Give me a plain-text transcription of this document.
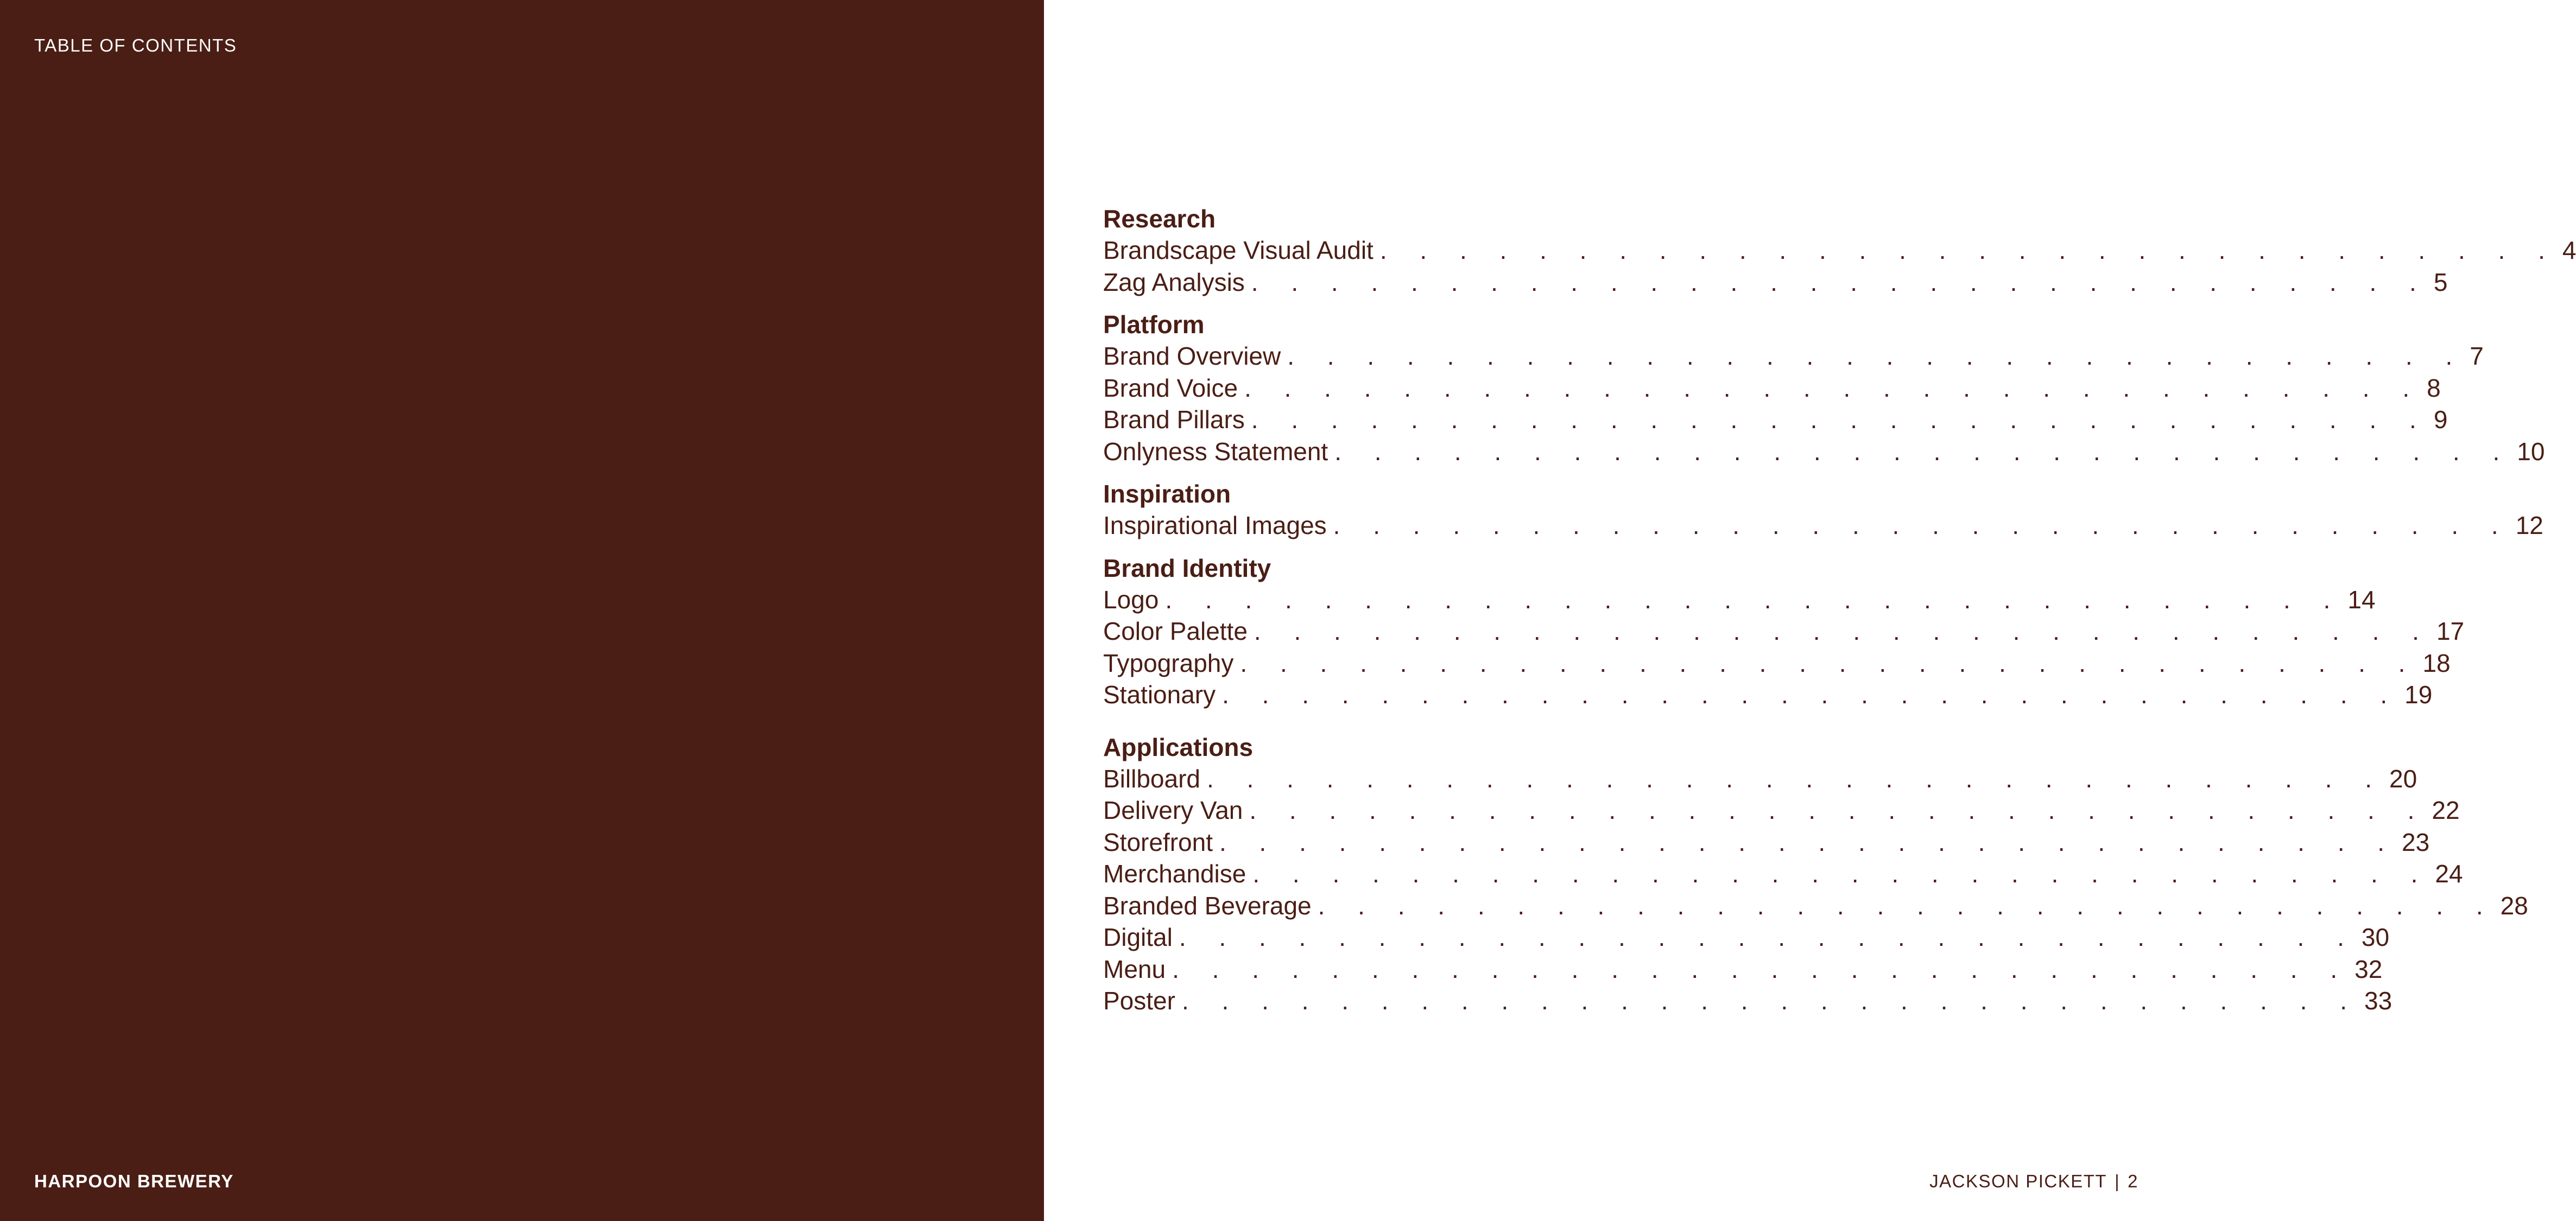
TABLE OF CONTENTS
HARPOON BREWERY
Research
Brandscape Visual Audit . . . . . . . . . . . . . . . . . . . . . . . . . . . . . . 4
Zag Analysis . . . . . . . . . . . . . . . . . . . . . . . . . . . . . . 5
Platform
Brand Overview . . . . . . . . . . . . . . . . . . . . . . . . . . . . . . 7
Brand Voice . . . . . . . . . . . . . . . . . . . . . . . . . . . . . . 8
Brand Pillars . . . . . . . . . . . . . . . . . . . . . . . . . . . . . . 9
Onlyness Statement . . . . . . . . . . . . . . . . . . . . . . . . . . . . . . 10
Inspiration
Inspirational Images . . . . . . . . . . . . . . . . . . . . . . . . . . . . . . 12
Brand Identity
Logo . . . . . . . . . . . . . . . . . . . . . . . . . . . . . . 14
Color Palette . . . . . . . . . . . . . . . . . . . . . . . . . . . . . . 17
Typography . . . . . . . . . . . . . . . . . . . . . . . . . . . . . . 18
Stationary . . . . . . . . . . . . . . . . . . . . . . . . . . . . . . 19
Applications
Billboard . . . . . . . . . . . . . . . . . . . . . . . . . . . . . . 20
Delivery Van . . . . . . . . . . . . . . . . . . . . . . . . . . . . . . 22
Storefront . . . . . . . . . . . . . . . . . . . . . . . . . . . . . . 23
Merchandise . . . . . . . . . . . . . . . . . . . . . . . . . . . . . . 24
Branded Beverage . . . . . . . . . . . . . . . . . . . . . . . . . . . . . . 28
Digital . . . . . . . . . . . . . . . . . . . . . . . . . . . . . . 30
Menu . . . . . . . . . . . . . . . . . . . . . . . . . . . . . . 32
Poster . . . . . . . . . . . . . . . . . . . . . . . . . . . . . . 33
JACKSON PICKETT | 2
